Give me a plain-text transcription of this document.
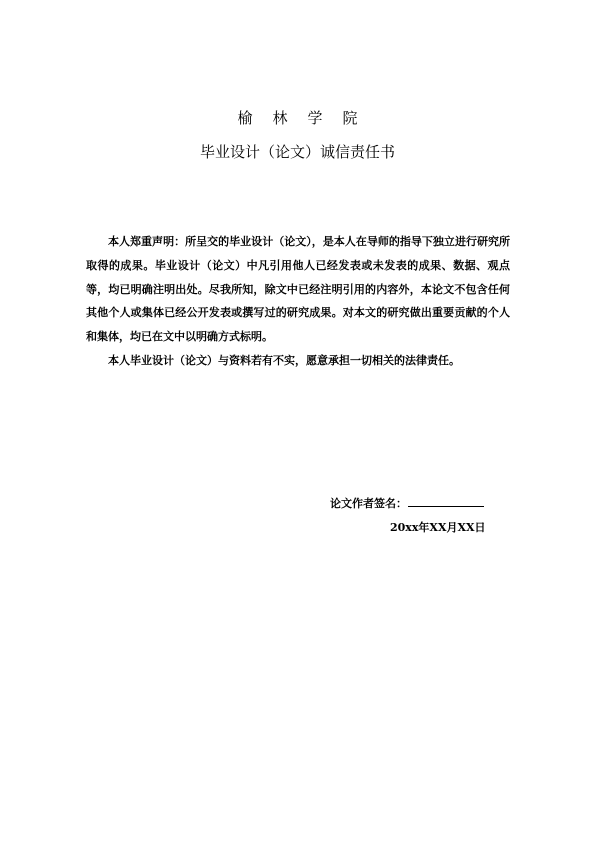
榆林学院
毕业设计（论文）诚信责任书

本人郑重声明：所呈交的毕业设计（论文），是本人在导师的指导下独立进行研究所取得的成果。毕业设计（论文）中凡引用他人已经发表或未发表的成果、数据、观点等，均已明确注明出处。尽我所知，除文中已经注明引用的内容外，本论文不包含任何其他个人或集体已经公开发表或撰写过的研究成果。对本文的研究做出重要贡献的个人和集体，均已在文中以明确方式标明。

本人毕业设计（论文）与资料若有不实，愿意承担一切相关的法律责任。

论文作者签名：
20xx年XX月XX日
